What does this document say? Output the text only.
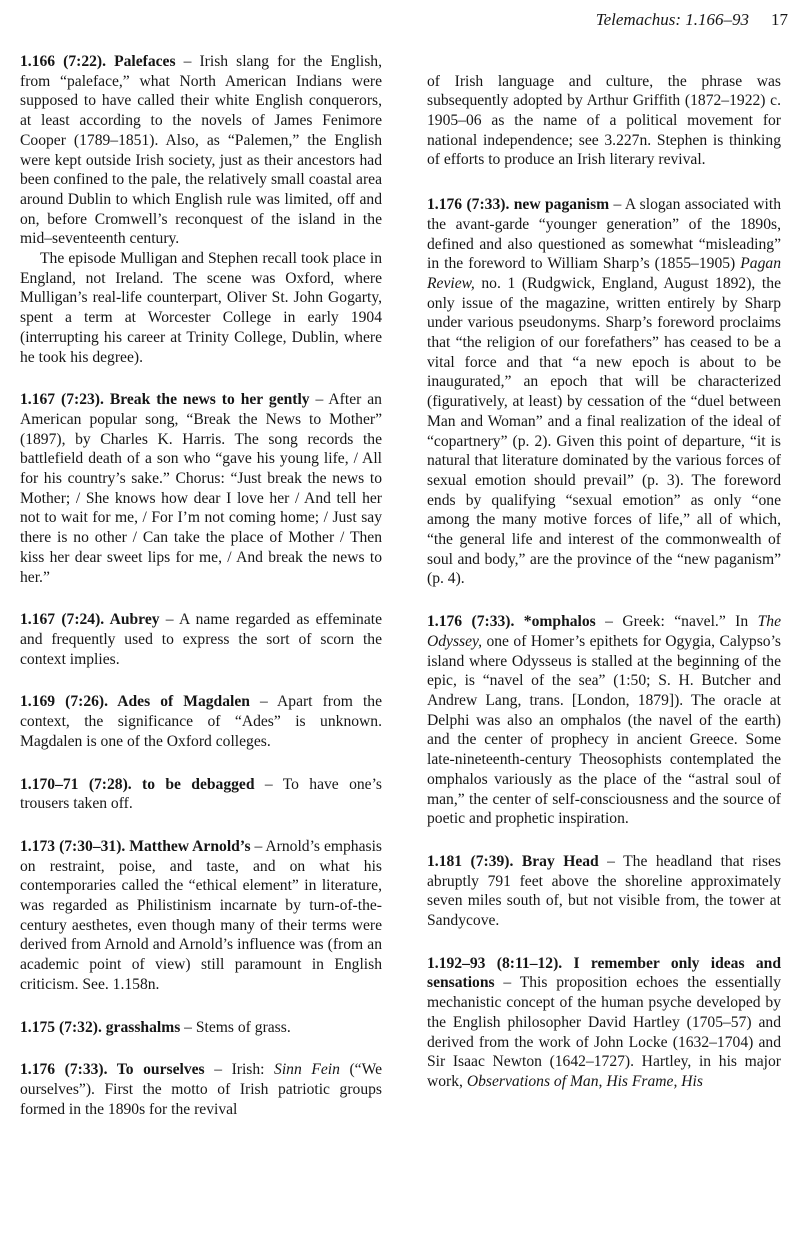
Telemachus: 1.166–93 17

1.166 (7:22). Palefaces – Irish slang for the English, from “paleface,” what North American Indians were supposed to have called their white English conquerors, at least according to the novels of James Fenimore Cooper (1789–1851). Also, as “Palemen,” the English were kept outside Irish society, just as their ancestors had been confined to the pale, the relatively small coastal area around Dublin to which English rule was limited, off and on, before Cromwell’s reconquest of the island in the mid–seventeenth century.

The episode Mulligan and Stephen recall took place in England, not Ireland. The scene was Oxford, where Mulligan’s real-life counterpart, Oliver St. John Gogarty, spent a term at Worcester College in early 1904 (interrupting his career at Trinity College, Dublin, where he took his degree).

1.167 (7:23). Break the news to her gently – After an American popular song, “Break the News to Mother” (1897), by Charles K. Harris. The song records the battlefield death of a son who “gave his young life, / All for his country’s sake.” Chorus: “Just break the news to Mother; / She knows how dear I love her / And tell her not to wait for me, / For I’m not coming home; / Just say there is no other / Can take the place of Mother / Then kiss her dear sweet lips for me, / And break the news to her.”

1.167 (7:24). Aubrey – A name regarded as effeminate and frequently used to express the sort of scorn the context implies.

1.169 (7:26). Ades of Magdalen – Apart from the context, the significance of “Ades” is unknown. Magdalen is one of the Oxford colleges.

1.170–71 (7:28). to be debagged – To have one’s trousers taken off.

1.173 (7:30–31). Matthew Arnold’s – Arnold’s emphasis on restraint, poise, and taste, and on what his contemporaries called the “ethical element” in literature, was regarded as Philistinism incarnate by turn-of-the-century aesthetes, even though many of their terms were derived from Arnold and Arnold’s influence was (from an academic point of view) still paramount in English criticism. See. 1.158n.

1.175 (7:32). grasshalms – Stems of grass.

1.176 (7:33). To ourselves – Irish: Sinn Fein (“We ourselves”). First the motto of Irish patriotic groups formed in the 1890s for the revival

of Irish language and culture, the phrase was subsequently adopted by Arthur Griffith (1872–1922) c. 1905–06 as the name of a political movement for national independence; see 3.227n. Stephen is thinking of efforts to produce an Irish literary revival.

1.176 (7:33). new paganism – A slogan associated with the avant-garde “younger generation” of the 1890s, defined and also questioned as somewhat “misleading” in the foreword to William Sharp’s (1855–1905) Pagan Review, no. 1 (Rudgwick, England, August 1892), the only issue of the magazine, written entirely by Sharp under various pseudonyms. Sharp’s foreword proclaims that “the religion of our forefathers” has ceased to be a vital force and that “a new epoch is about to be inaugurated,” an epoch that will be characterized (figuratively, at least) by cessation of the “duel between Man and Woman” and a final realization of the ideal of “copartnery” (p. 2). Given this point of departure, “it is natural that literature dominated by the various forces of sexual emotion should prevail” (p. 3). The foreword ends by qualifying “sexual emotion” as only “one among the many motive forces of life,” all of which, “the general life and interest of the commonwealth of soul and body,” are the province of the “new paganism” (p. 4).

1.176 (7:33). *omphalos – Greek: “navel.” In The Odyssey, one of Homer’s epithets for Ogygia, Calypso’s island where Odysseus is stalled at the beginning of the epic, is “navel of the sea” (1:50; S. H. Butcher and Andrew Lang, trans. [London, 1879]). The oracle at Delphi was also an omphalos (the navel of the earth) and the center of prophecy in ancient Greece. Some late-nineteenth-century Theosophists contemplated the omphalos variously as the place of the “astral soul of man,” the center of self-consciousness and the source of poetic and prophetic inspiration.

1.181 (7:39). Bray Head – The headland that rises abruptly 791 feet above the shoreline approximately seven miles south of, but not visible from, the tower at Sandycove.

1.192–93 (8:11–12). I remember only ideas and sensations – This proposition echoes the essentially mechanistic concept of the human psyche developed by the English philosopher David Hartley (1705–57) and derived from the work of John Locke (1632–1704) and Sir Isaac Newton (1642–1727). Hartley, in his major work, Observations of Man, His Frame, His
